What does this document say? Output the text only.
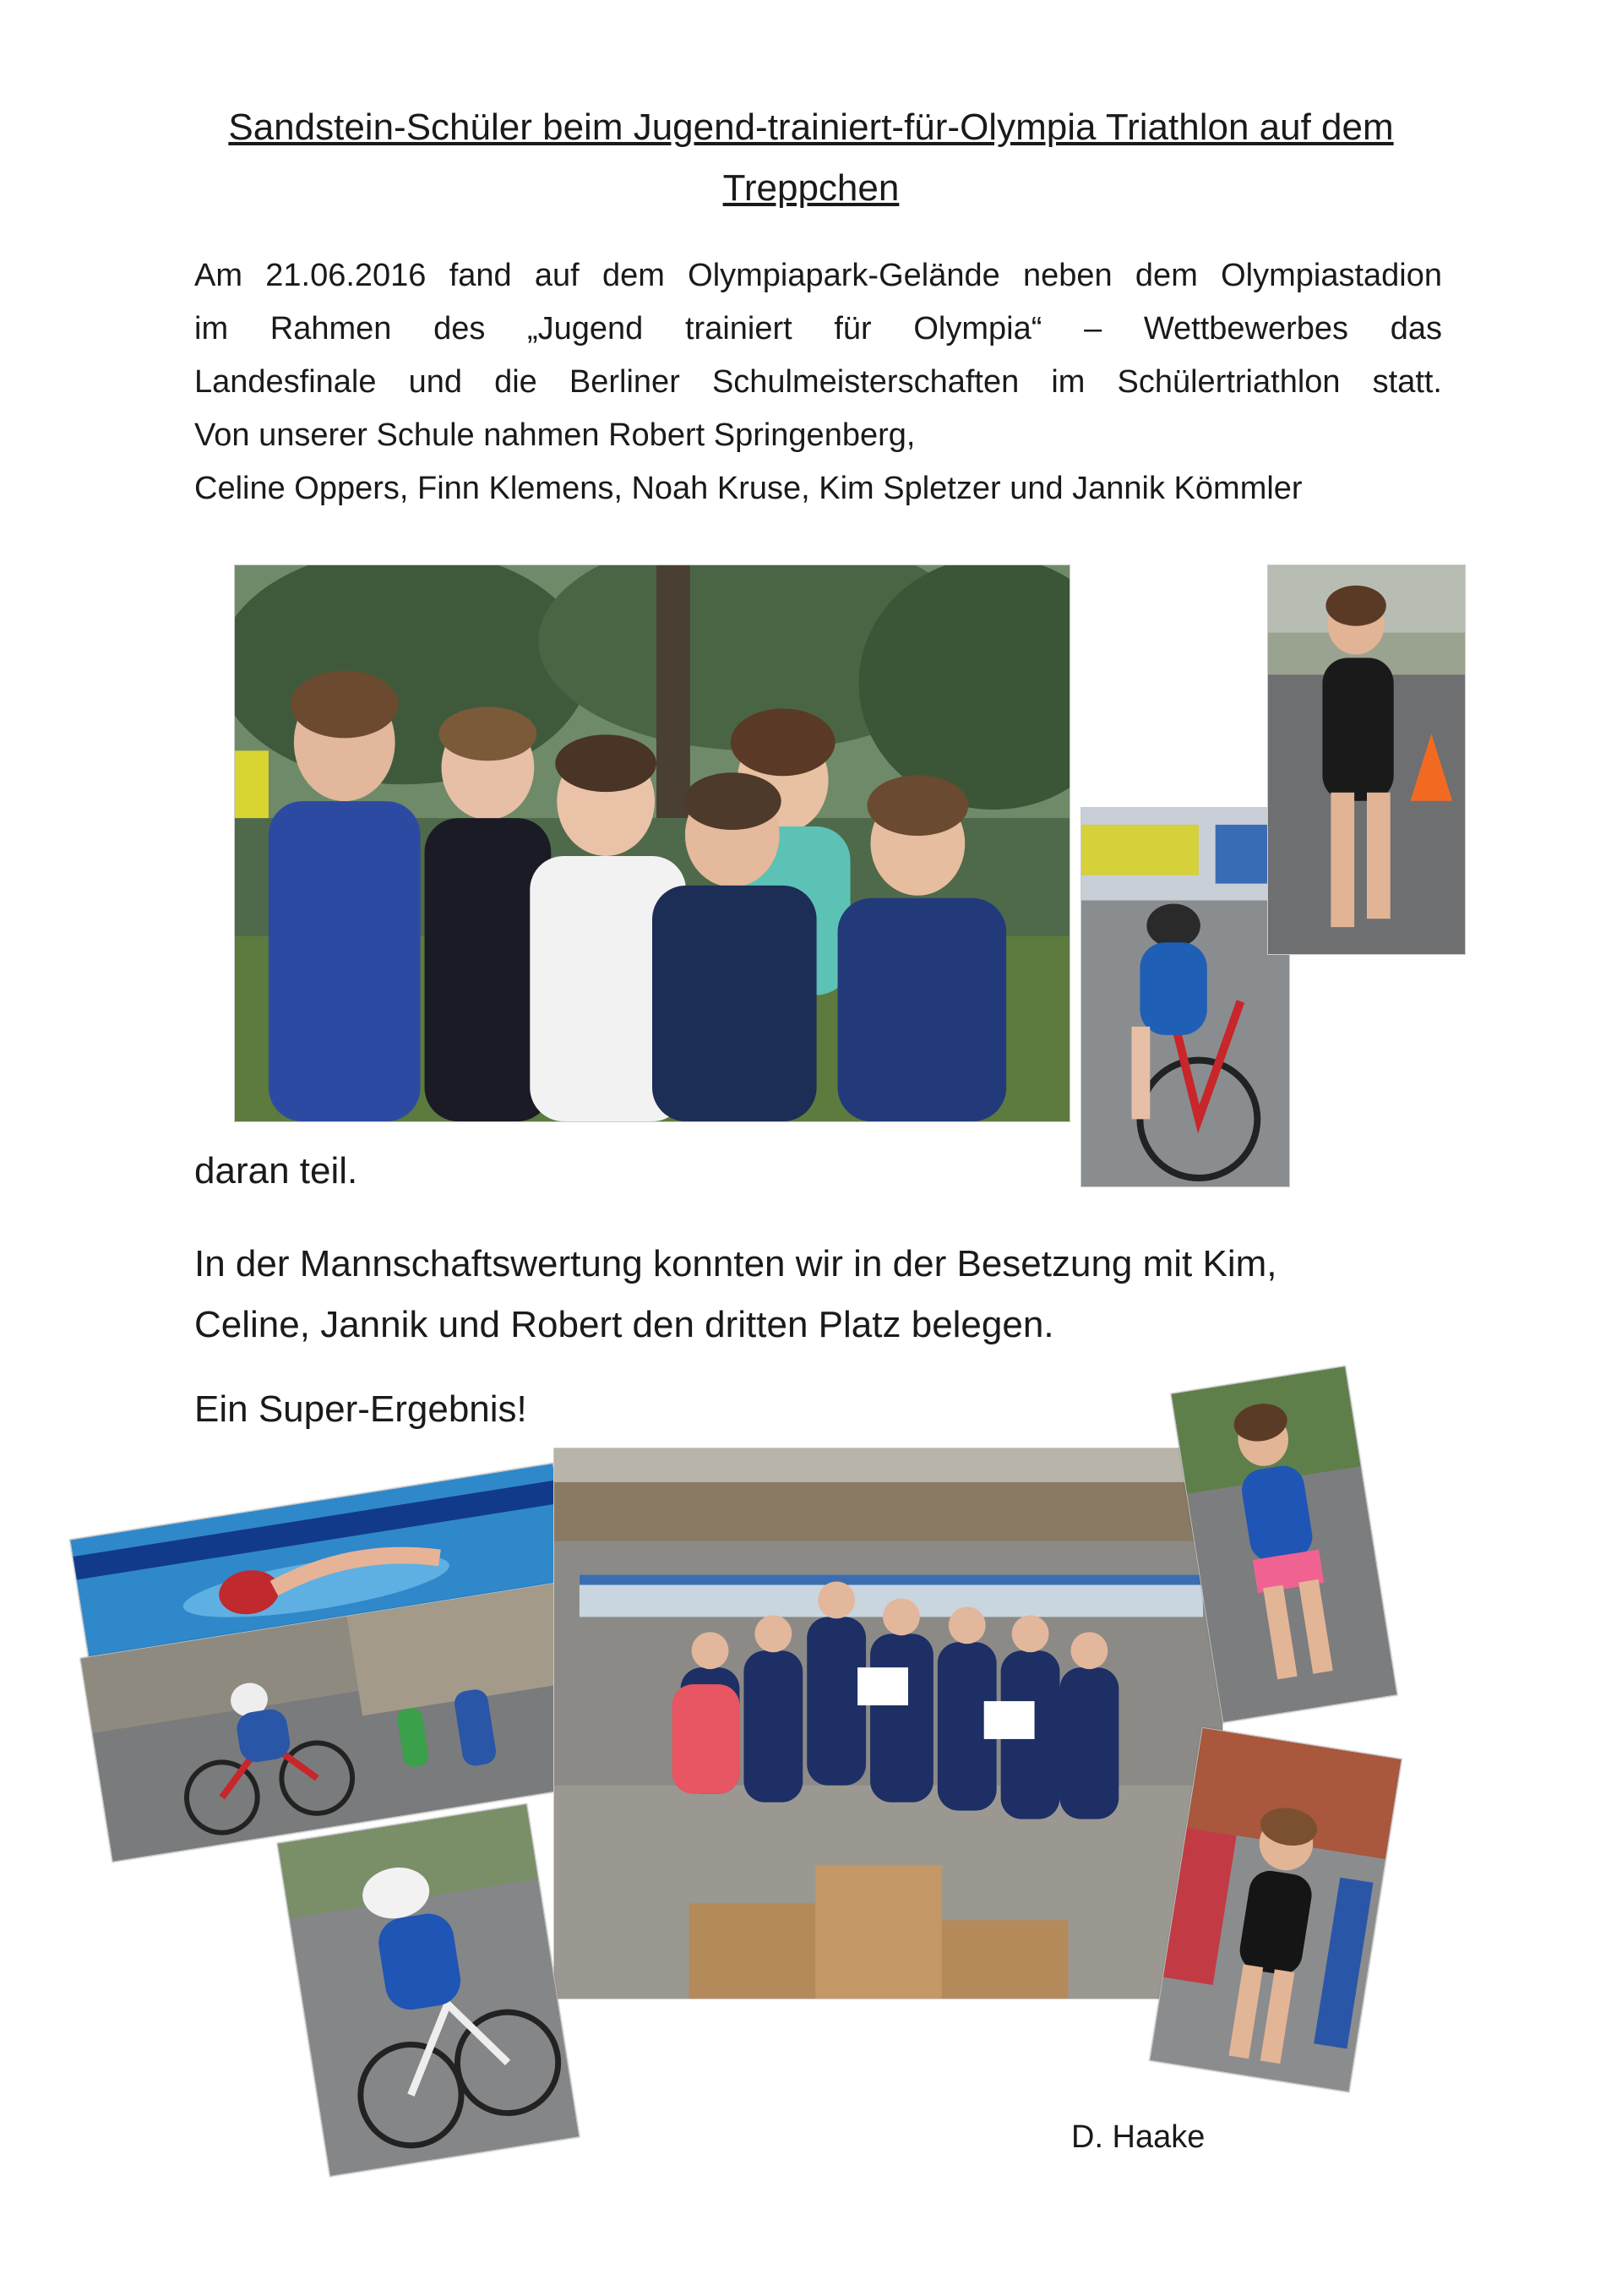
Sandstein-Schüler beim Jugend-trainiert-für-Olympia Triathlon auf dem Treppchen
Am 21.06.2016 fand auf dem Olympiapark-Gelände neben dem Olympiastadion
im Rahmen des „Jugend trainiert für Olympia“ – Wettbewerbes das
Landesfinale und die Berliner Schulmeisterschaften im Schülertriathlon statt.
Von unserer Schule nahmen Robert Springenberg,
Celine Oppers, Finn Klemens, Noah Kruse, Kim Spletzer und Jannik Kömmler
daran teil.
In der Mannschaftswertung konnten wir in der Besetzung mit Kim, Celine, Jannik und Robert den dritten Platz belegen.
Ein Super-Ergebnis!
D. Haake
